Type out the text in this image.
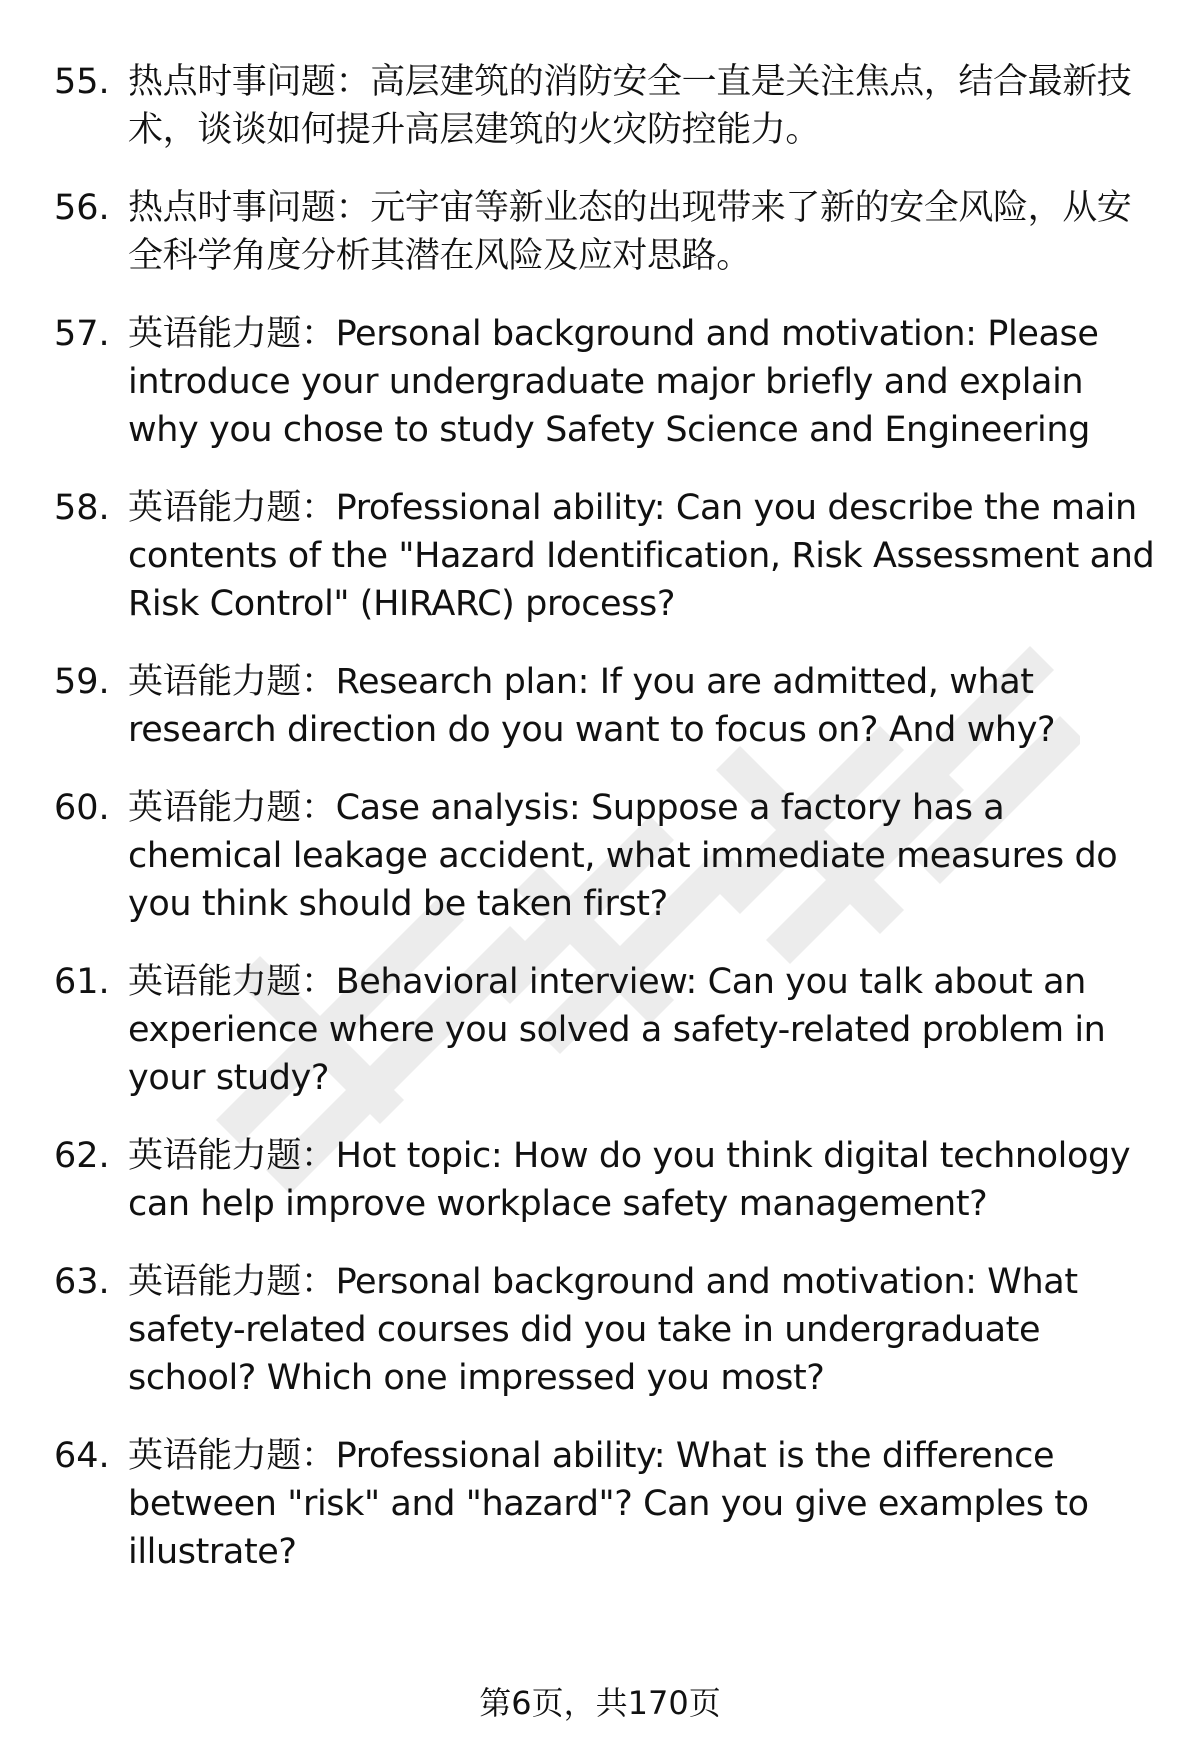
55. 热点时事问题：高层建筑的消防安全一直是关注焦点，结合最新技术，谈谈如何提升高层建筑的火灾防控能力。
56. 热点时事问题：元宇宙等新业态的出现带来了新的安全风险，从安全科学角度分析其潜在风险及应对思路。
57. 英语能力题：Personal background and motivation: Please introduce your undergraduate major briefly and explain why you chose to study Safety Science and Engineering
58. 英语能力题：Professional ability: Can you describe the main contents of the "Hazard Identification, Risk Assessment and Risk Control" (HIRARC) process?
59. 英语能力题：Research plan: If you are admitted, what research direction do you want to focus on? And why?
60. 英语能力题：Case analysis: Suppose a factory has a chemical leakage accident, what immediate measures do you think should be taken first?
61. 英语能力题：Behavioral interview: Can you talk about an experience where you solved a safety-related problem in your study?
62. 英语能力题：Hot topic: How do you think digital technology can help improve workplace safety management?
63. 英语能力题：Personal background and motivation: What safety-related courses did you take in undergraduate school? Which one impressed you most?
64. 英语能力题：Professional ability: What is the difference between "risk" and "hazard"? Can you give examples to illustrate?
第6页，共170页
